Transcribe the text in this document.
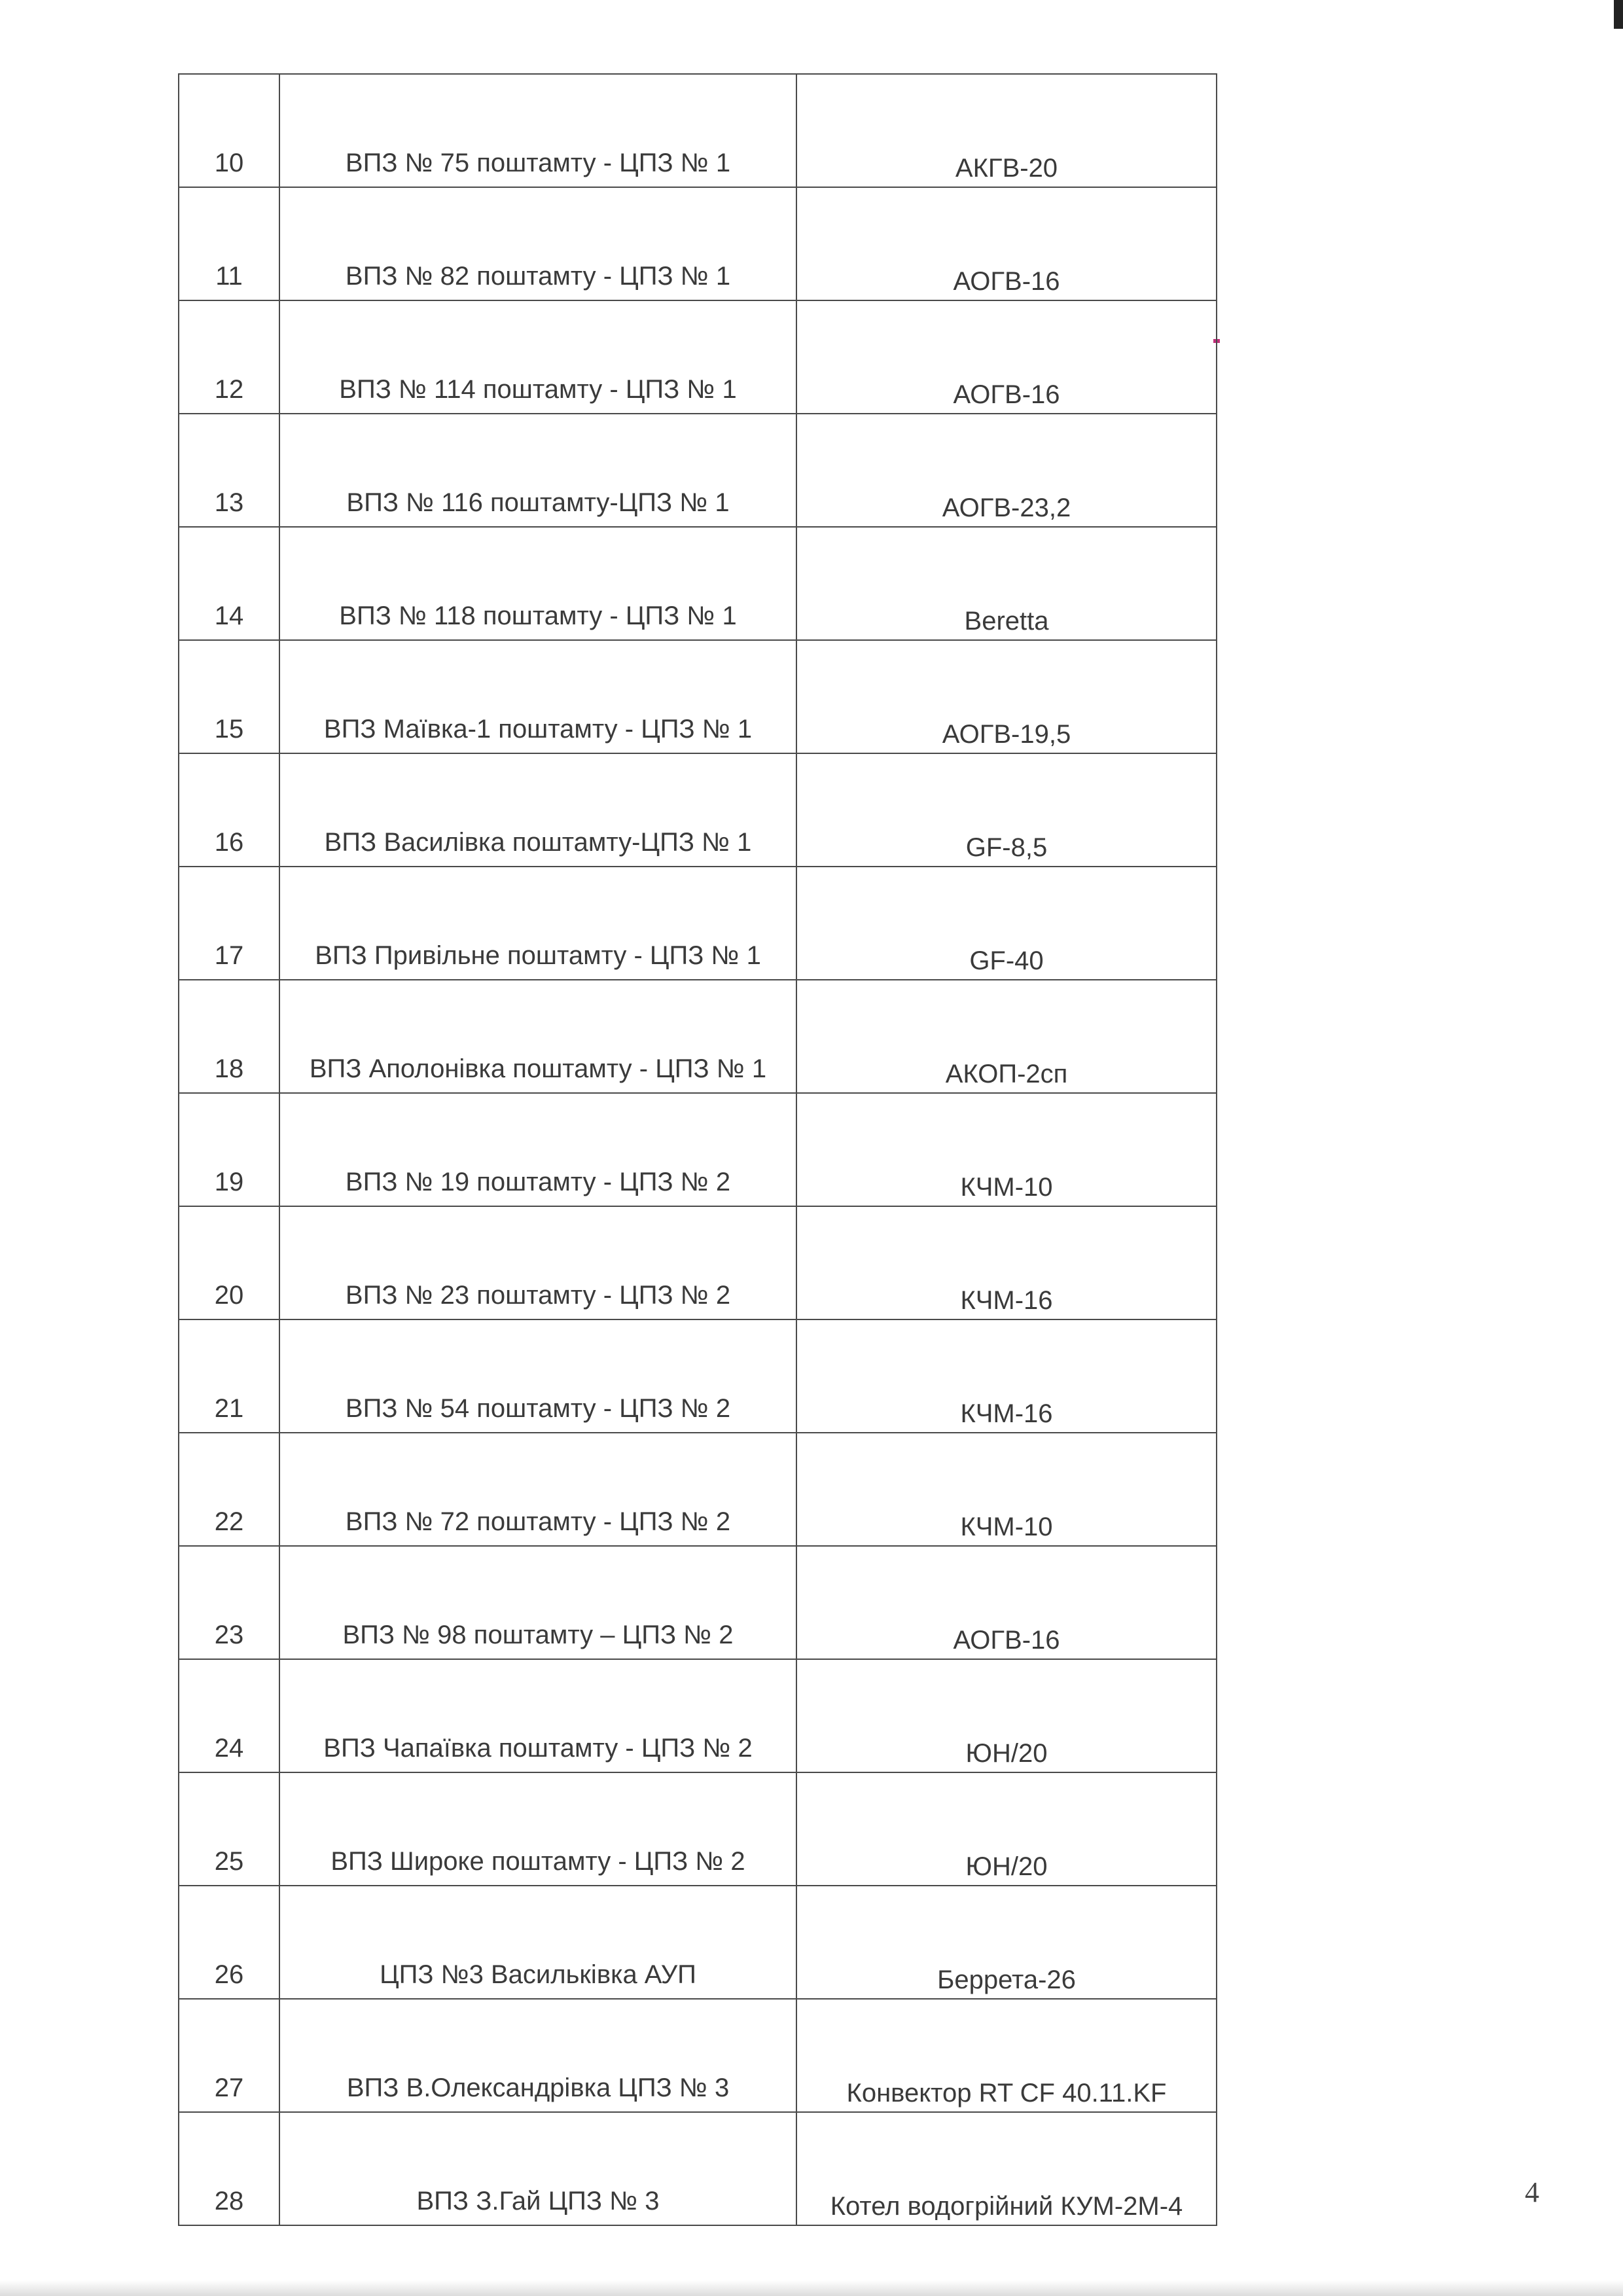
10	ВПЗ № 75 поштамту - ЦПЗ № 1	АКГВ-20
11	ВПЗ № 82 поштамту - ЦПЗ № 1	АОГВ-16
12	ВПЗ № 114 поштамту - ЦПЗ № 1	АОГВ-16
13	ВПЗ № 116 поштамту-ЦПЗ № 1	АОГВ-23,2
14	ВПЗ № 118 поштамту - ЦПЗ № 1	Beretta
15	ВПЗ Маївка-1 поштамту - ЦПЗ № 1	АОГВ-19,5
16	ВПЗ Василівка поштамту-ЦПЗ № 1	GF-8,5
17	ВПЗ Привільне поштамту - ЦПЗ № 1	GF-40
18	ВПЗ Аполонівка поштамту - ЦПЗ № 1	АКОП-2сп
19	ВПЗ № 19 поштамту - ЦПЗ № 2	КЧМ-10
20	ВПЗ № 23 поштамту - ЦПЗ № 2	КЧМ-16
21	ВПЗ № 54 поштамту - ЦПЗ № 2	КЧМ-16
22	ВПЗ № 72 поштамту - ЦПЗ № 2	КЧМ-10
23	ВПЗ № 98 поштамту – ЦПЗ № 2	АОГВ-16
24	ВПЗ Чапаївка поштамту - ЦПЗ № 2	ЮН/20
25	ВПЗ Широке поштамту - ЦПЗ № 2	ЮН/20
26	ЦПЗ №3 Васильківка АУП	Беррета-26
27	ВПЗ В.Олександрівка ЦПЗ № 3	Конвектор RT CF 40.11.KF
28	ВПЗ З.Гай ЦПЗ № 3	Котел водогрійний КУМ-2М-4	4
